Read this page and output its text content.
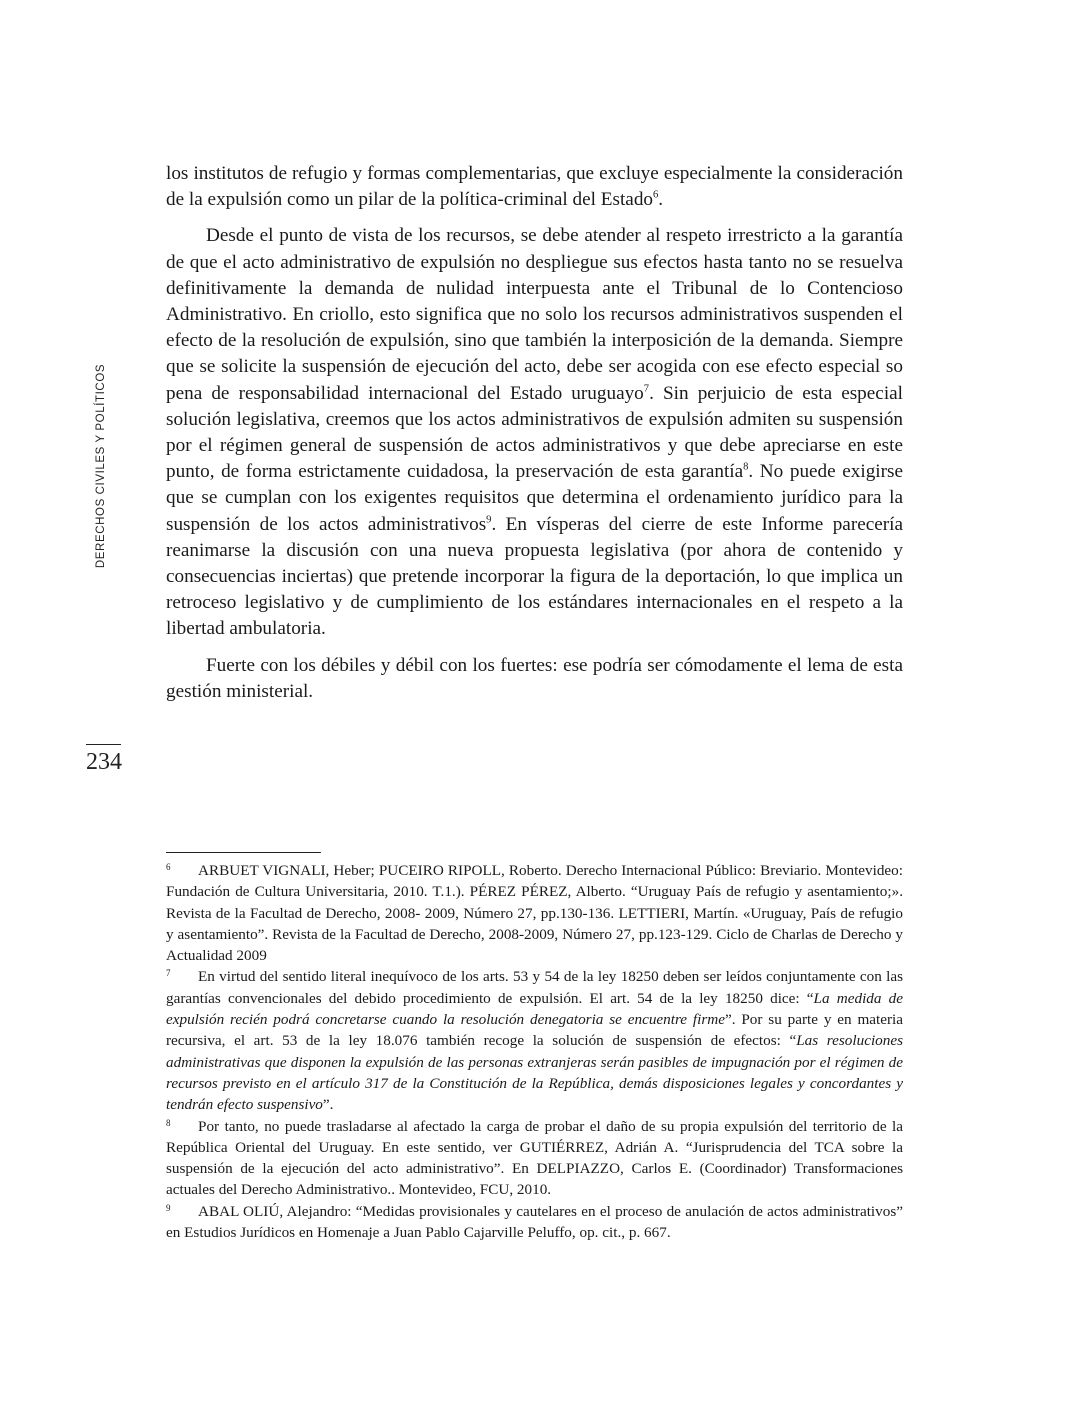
DERECHOS CIVILES Y POLÍTICOS
234

los institutos de refugio y formas complementarias, que excluye especialmente la consideración de la expulsión como un pilar de la política-criminal del Estado$^6$.

Desde el punto de vista de los recursos, se debe atender al respeto irrestricto a la garantía de que el acto administrativo de expulsión no despliegue sus efectos hasta tanto no se resuelva definitivamente la demanda de nulidad interpuesta ante el Tribunal de lo Contencioso Administrativo. En criollo, esto significa que no solo los recursos administrativos suspenden el efecto de la resolución de expulsión, sino que también la interposición de la demanda. Siempre que se solicite la suspensión de ejecución del acto, debe ser acogida con ese efecto especial so pena de responsabilidad internacional del Estado uruguayo$^7$. Sin perjuicio de esta especial solución legislativa, creemos que los actos administrativos de expulsión admiten su suspensión por el régimen general de suspensión de actos administrativos y que debe apreciarse en este punto, de forma estrictamente cuidadosa, la preservación de esta garantía$^8$. No puede exigirse que se cumplan con los exigentes requisitos que determina el ordenamiento jurídico para la suspensión de los actos administrativos$^9$. En vísperas del cierre de este Informe parecería reanimarse la discusión con una nueva propuesta legislativa (por ahora de contenido y consecuencias inciertas) que pretende incorporar la figura de la deportación, lo que implica un retroceso legislativo y de cumplimiento de los estándares internacionales en el respeto a la libertad ambulatoria.

Fuerte con los débiles y débil con los fuertes: ese podría ser cómodamente el lema de esta gestión ministerial.

6 ARBUET VIGNALI, Heber; PUCEIRO RIPOLL, Roberto. Derecho Internacional Público: Breviario. Montevideo: Fundación de Cultura Universitaria, 2010. T.1.). PÉREZ PÉREZ, Alberto. “Uruguay País de refugio y asentamiento;». Revista de la Facultad de Derecho, 2008- 2009, Número 27, pp.130-136. LETTIERI, Martín. «Uruguay, País de refugio y asentamiento”. Revista de la Facultad de Derecho, 2008-2009, Número 27, pp.123-129. Ciclo de Charlas de Derecho y Actualidad 2009

7 En virtud del sentido literal inequívoco de los arts. 53 y 54 de la ley 18250 deben ser leídos conjuntamente con las garantías convencionales del debido procedimiento de expulsión. El art. 54 de la ley 18250 dice: “La medida de expulsión recién podrá concretarse cuando la resolución denegatoria se encuentre firme”. Por su parte y en materia recursiva, el art. 53 de la ley 18.076 también recoge la solución de suspensión de efectos: “Las resoluciones administrativas que disponen la expulsión de las personas extranjeras serán pasibles de impugnación por el régimen de recursos previsto en el artículo 317 de la Constitución de la República, demás disposiciones legales y concordantes y tendrán efecto suspensivo”.

8 Por tanto, no puede trasladarse al afectado la carga de probar el daño de su propia expulsión del territorio de la República Oriental del Uruguay. En este sentido, ver GUTIÉRREZ, Adrián A. “Jurisprudencia del TCA sobre la suspensión de la ejecución del acto administrativo”. En DELPIAZZO, Carlos E. (Coordinador) Transformaciones actuales del Derecho Administrativo.. Montevideo, FCU, 2010.

9 ABAL OLIÚ, Alejandro: “Medidas provisionales y cautelares en el proceso de anulación de actos administrativos” en Estudios Jurídicos en Homenaje a Juan Pablo Cajarville Peluffo, op. cit., p. 667.
